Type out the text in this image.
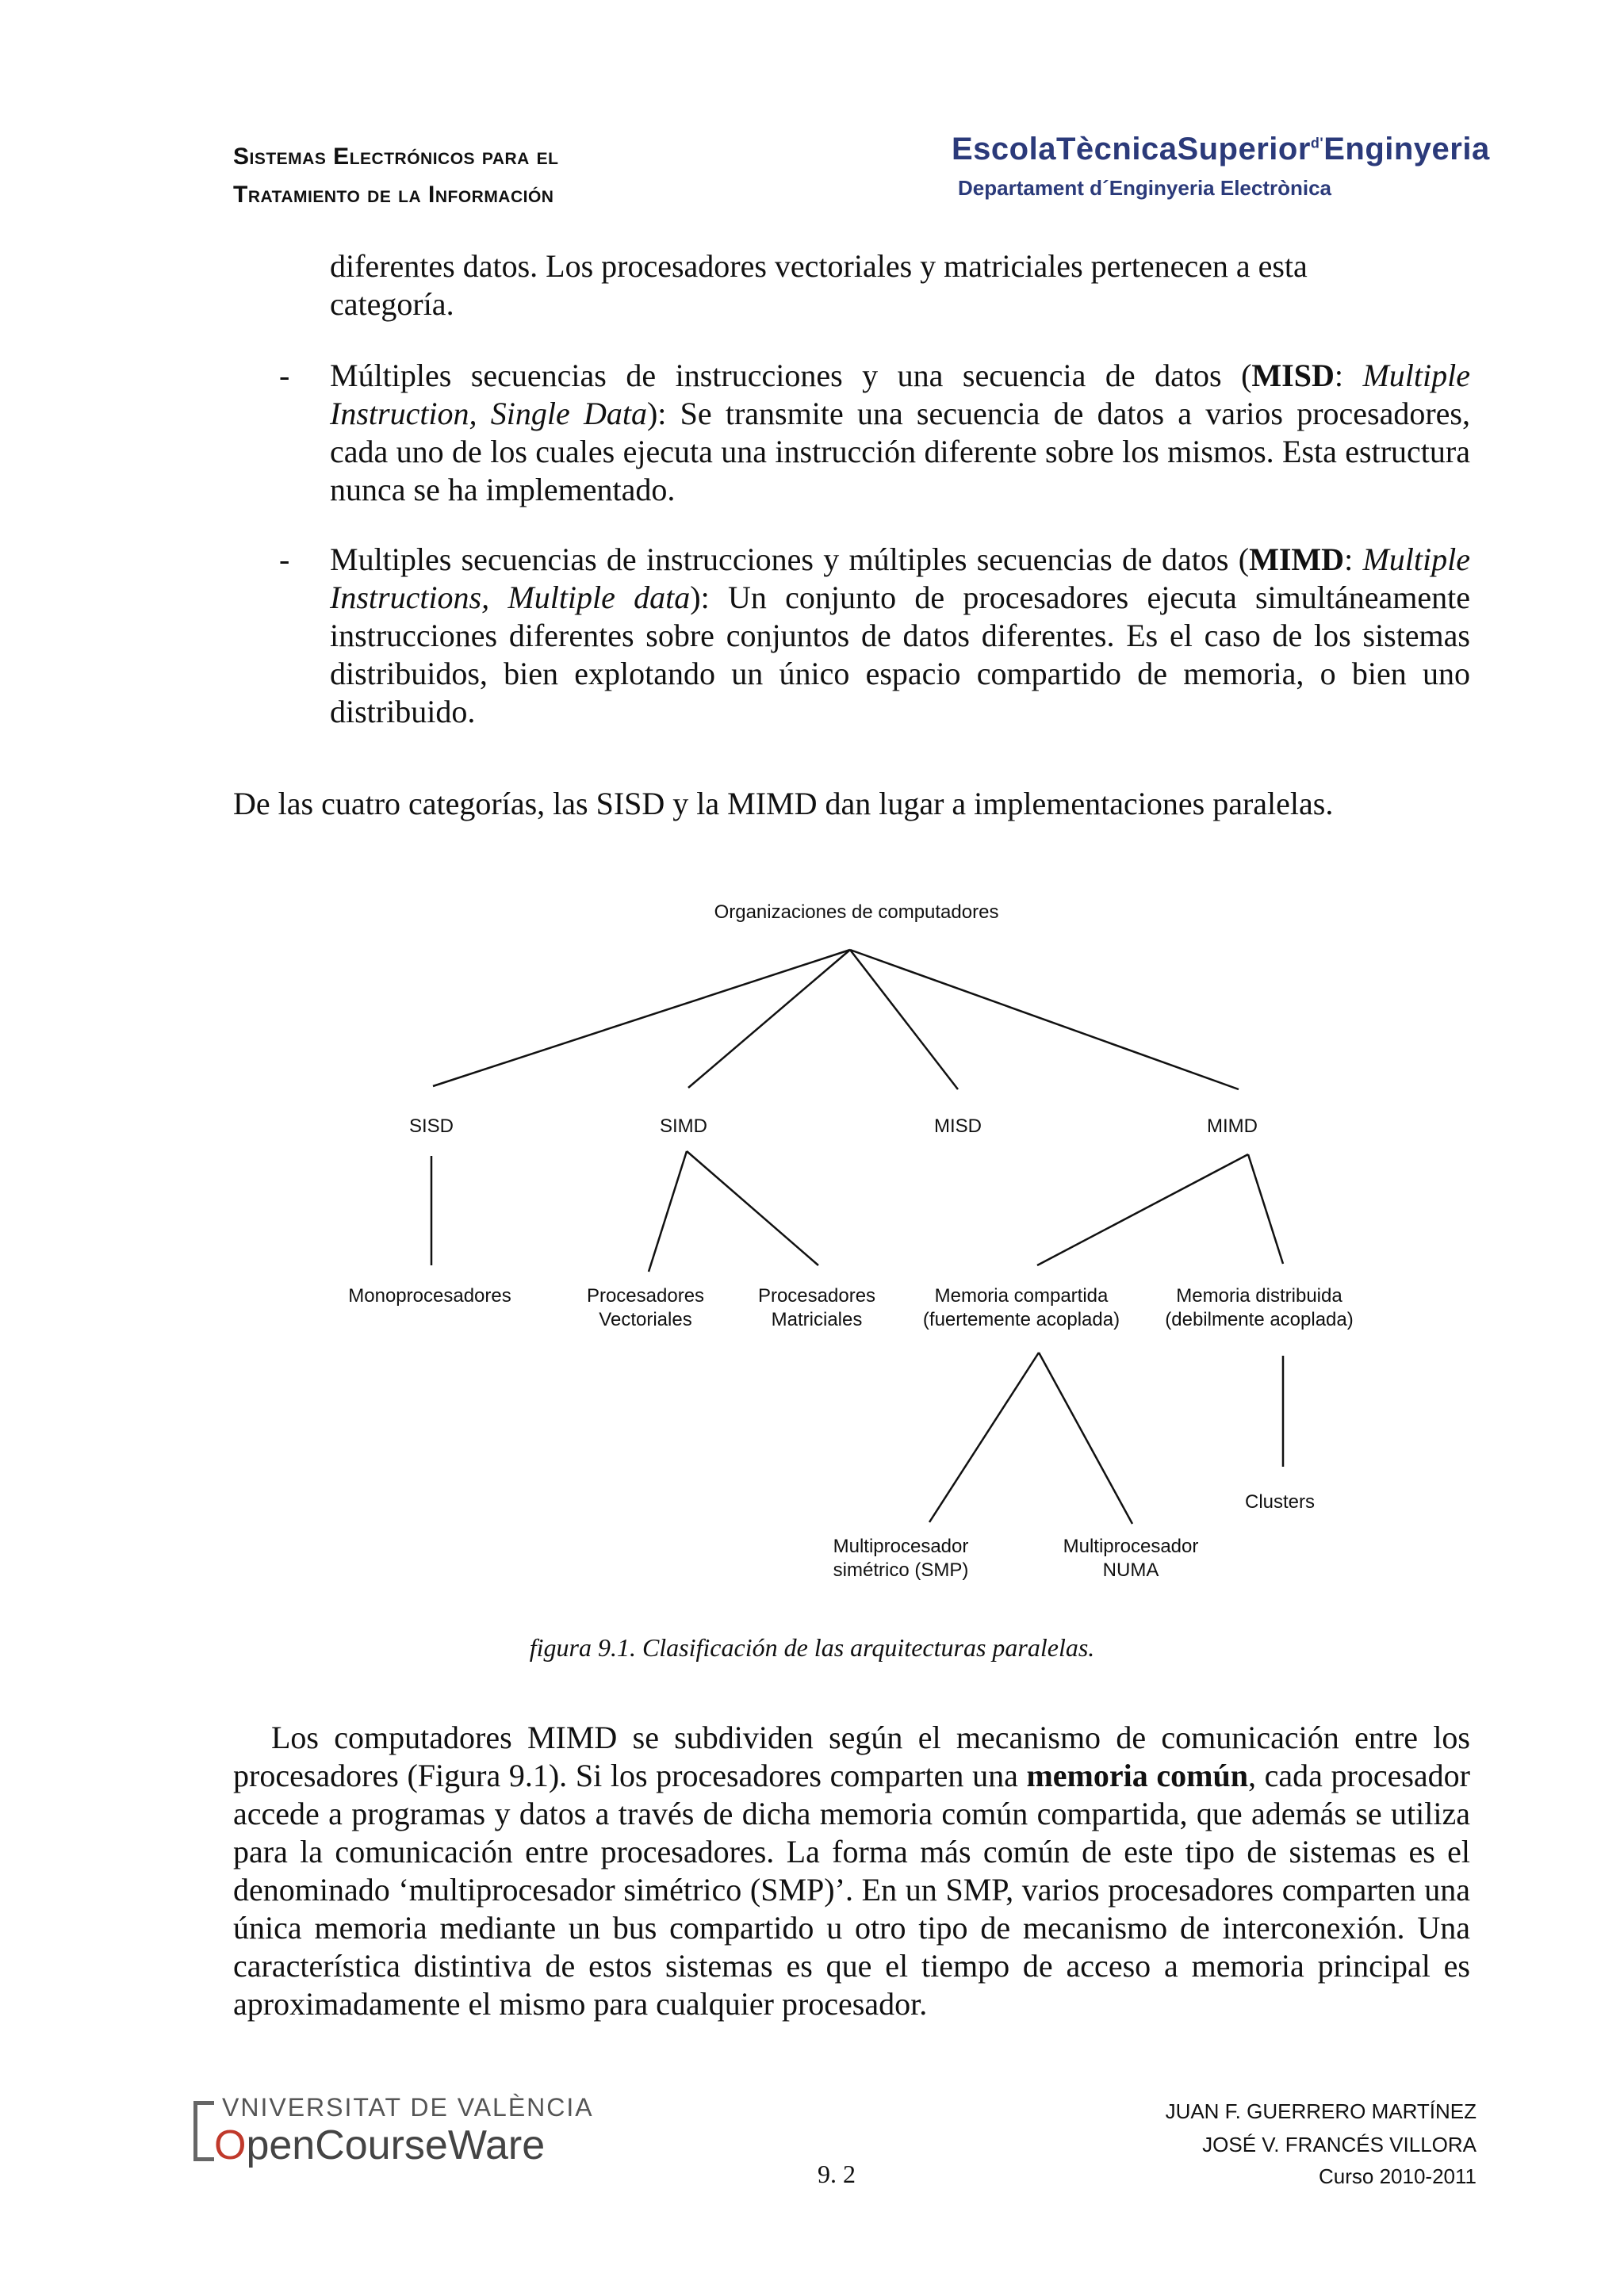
Sistemas Electrónicos para el
Tratamiento de la Información
EscolaTècnicaSuperior$^{d'}$Enginyeria
Departament d´Enginyeria Electrònica
diferentes datos. Los procesadores vectoriales y matriciales pertenecen a esta
categoría.
- Múltiples secuencias de instrucciones y una secuencia de datos (MISD: Multiple Instruction, Single Data): Se transmite una secuencia de datos a varios procesadores, cada uno de los cuales ejecuta una instrucción diferente sobre los mismos. Esta estructura nunca se ha implementado.
- Multiples secuencias de instrucciones y múltiples secuencias de datos (MIMD: Multiple Instructions, Multiple data): Un conjunto de procesadores ejecuta simultáneamente instrucciones diferentes sobre conjuntos de datos diferentes. Es el caso de los sistemas distribuidos, bien explotando un único espacio compartido de memoria, o bien uno distribuido.
De las cuatro categorías, las SISD y la MIMD dan lugar a implementaciones paralelas.
Organizaciones de computadores
SISD	SIMD	MISD	MIMD
Monoprocesadores	Procesadores
Vectoriales
Procesadores
Matriciales
Memoria compartida
(fuertemente acoplada)
Memoria distribuida
(debilmente acoplada)
Clusters
Multiprocesador
simétrico (SMP)
Multiprocesador
NUMA
figura 9.1. Clasificación de las arquitecturas paralelas.
Los computadores MIMD se subdividen según el mecanismo de comunicación entre los procesadores (Figura 9.1). Si los procesadores comparten una memoria común, cada procesador accede a programas y datos a través de dicha memoria común compartida, que además se utiliza para la comunicación entre procesadores. La forma más común de este tipo de sistemas es el denominado ‘multiprocesador simétrico (SMP)’. En un SMP, varios procesadores comparten una única memoria mediante un bus compartido u otro tipo de mecanismo de interconexión. Una característica distintiva de estos sistemas es que el tiempo de acceso a memoria principal es aproximadamente el mismo para cualquier procesador.
VNIVERSITAT DE VALÈNCIA
OpenCourseWare
9. 2
JUAN F. GUERRERO MARTÍNEZ
JOSÉ V. FRANCÉS VILLORA
Curso 2010-2011
